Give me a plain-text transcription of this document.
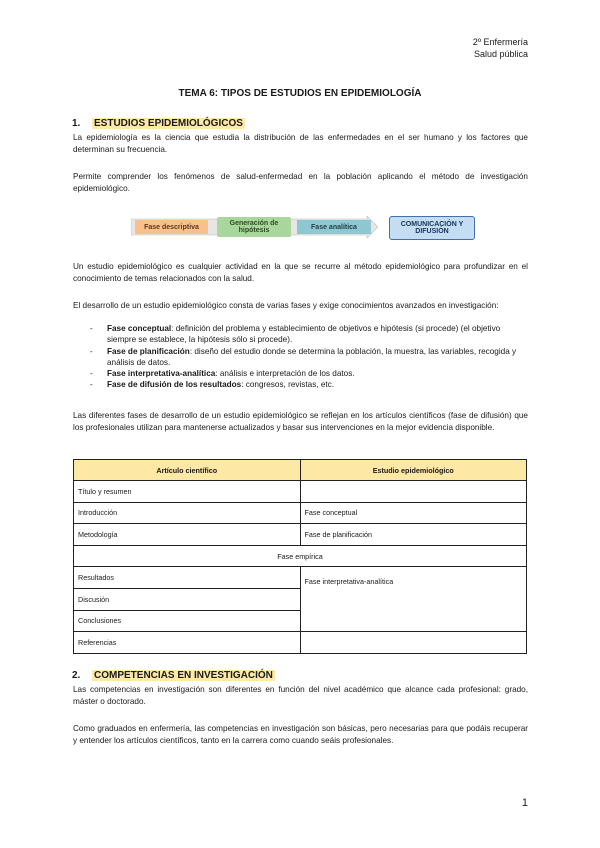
2º Enfermería
Salud pública
TEMA 6: TIPOS DE ESTUDIOS EN EPIDEMIOLOGÍA
1. ESTUDIOS EPIDEMIOLÓGICOS
La epidemiología es la ciencia que estudia la distribución de las enfermedades en el ser humano y los factores que determinan su frecuencia.
Permite comprender los fenómenos de salud-enfermedad en la población aplicando el método de investigación epidemiológico.
Fase descriptiva	Generación de hipótesis	Fase analítica	COMUNICACIÓN Y DIFUSIÓN
Un estudio epidemiológico es cualquier actividad en la que se recurre al método epidemiológico para profundizar en el conocimiento de temas relacionados con la salud.
El desarrollo de un estudio epidemiológico consta de varias fases y exige conocimientos avanzados en investigación:
- Fase conceptual: definición del problema y establecimiento de objetivos e hipótesis (si procede) (el objetivo siempre se establece, la hipótesis sólo si procede).
- Fase de planificación: diseño del estudio donde se determina la población, la muestra, las variables, recogida y análisis de datos.
- Fase interpretativa-analítica: análisis e interpretación de los datos.
- Fase de difusión de los resultados: congresos, revistas, etc.
Las diferentes fases de desarrollo de un estudio epidemiológico se reflejan en los artículos científicos (fase de difusión) que los profesionales utilizan para mantenerse actualizados y basar sus intervenciones en la mejor evidencia disponible.
Artículo científico	Estudio epidemiológico
Título y resumen	
Introducción	Fase conceptual
Metodología	Fase de planificación
Fase empírica	
Resultados	Fase interpretativa-analítica
Discusión	
Conclusiones	
Referencias	
2. COMPETENCIAS EN INVESTIGACIÓN
Las competencias en investigación son diferentes en función del nivel académico que alcance cada profesional: grado, máster o doctorado.
Como graduados en enfermería, las competencias en investigación son básicas, pero necesarias para que podáis recuperar y entender los artículos científicos, tanto en la carrera como cuando seáis profesionales.
1
